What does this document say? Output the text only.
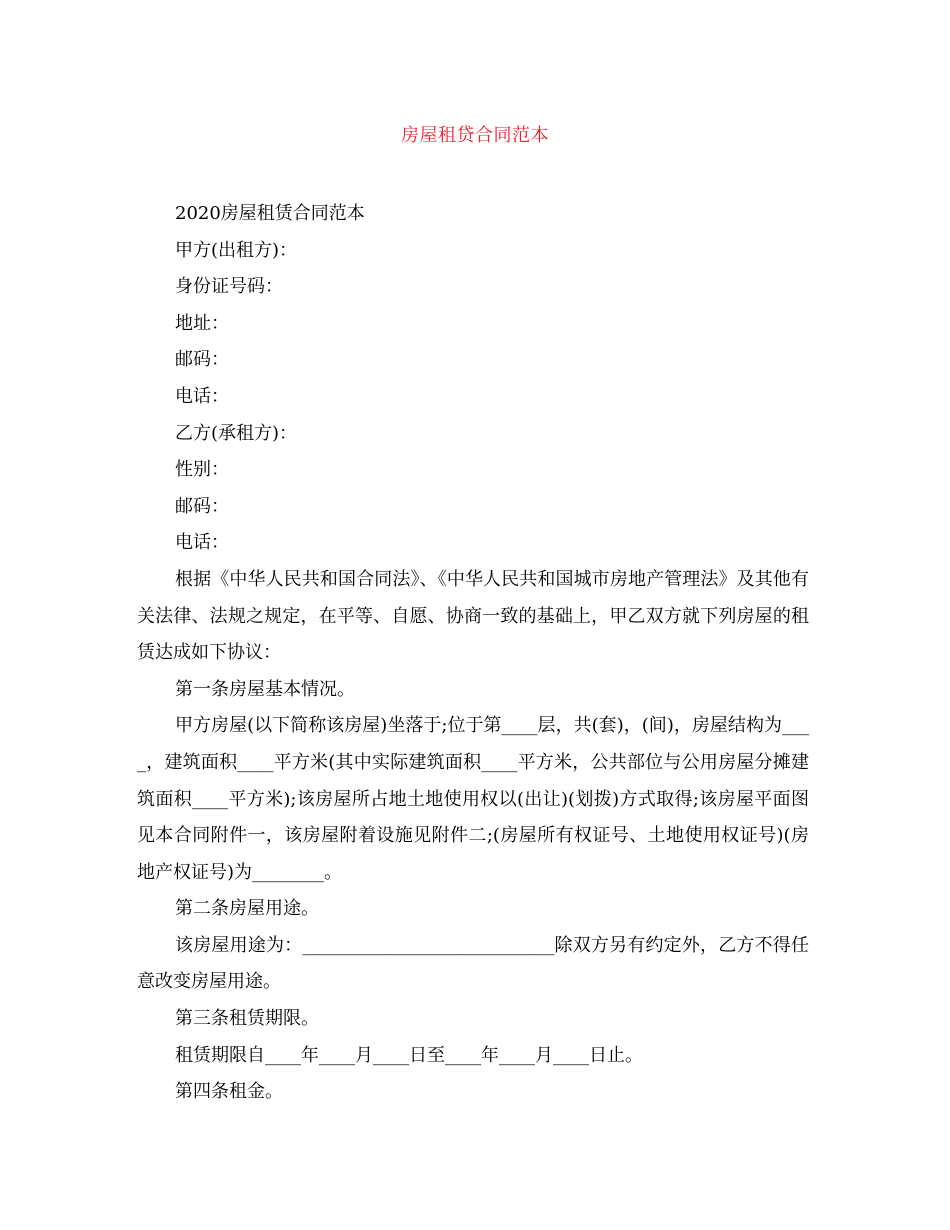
房屋租贷合同范本

2020房屋租赁合同范本

甲方(出租方)：

身份证号码：

地址：

邮码：

电话：

乙方(承租方)：

性别：

邮码：

电话：

根据《中华人民共和国合同法》、《中华人民共和国城市房地产管理法》及其他有关法律、法规之规定，在平等、自愿、协商一致的基础上，甲乙双方就下列房屋的租赁达成如下协议：

第一条房屋基本情况。

甲方房屋(以下简称该房屋)坐落于;位于第____层，共(套)，(间)，房屋结构为____，建筑面积____平方米(其中实际建筑面积____平方米，公共部位与公用房屋分摊建筑面积____平方米);该房屋所占地土地使用权以(出让)(划拨)方式取得;该房屋平面图见本合同附件一，该房屋附着设施见附件二;(房屋所有权证号、土地使用权证号)(房地产权证号)为________。

第二条房屋用途。

该房屋用途为：____________________________除双方另有约定外，乙方不得任意改变房屋用途。

第三条租赁期限。

租赁期限自____年____月____日至____年____月____日止。

第四条租金。
